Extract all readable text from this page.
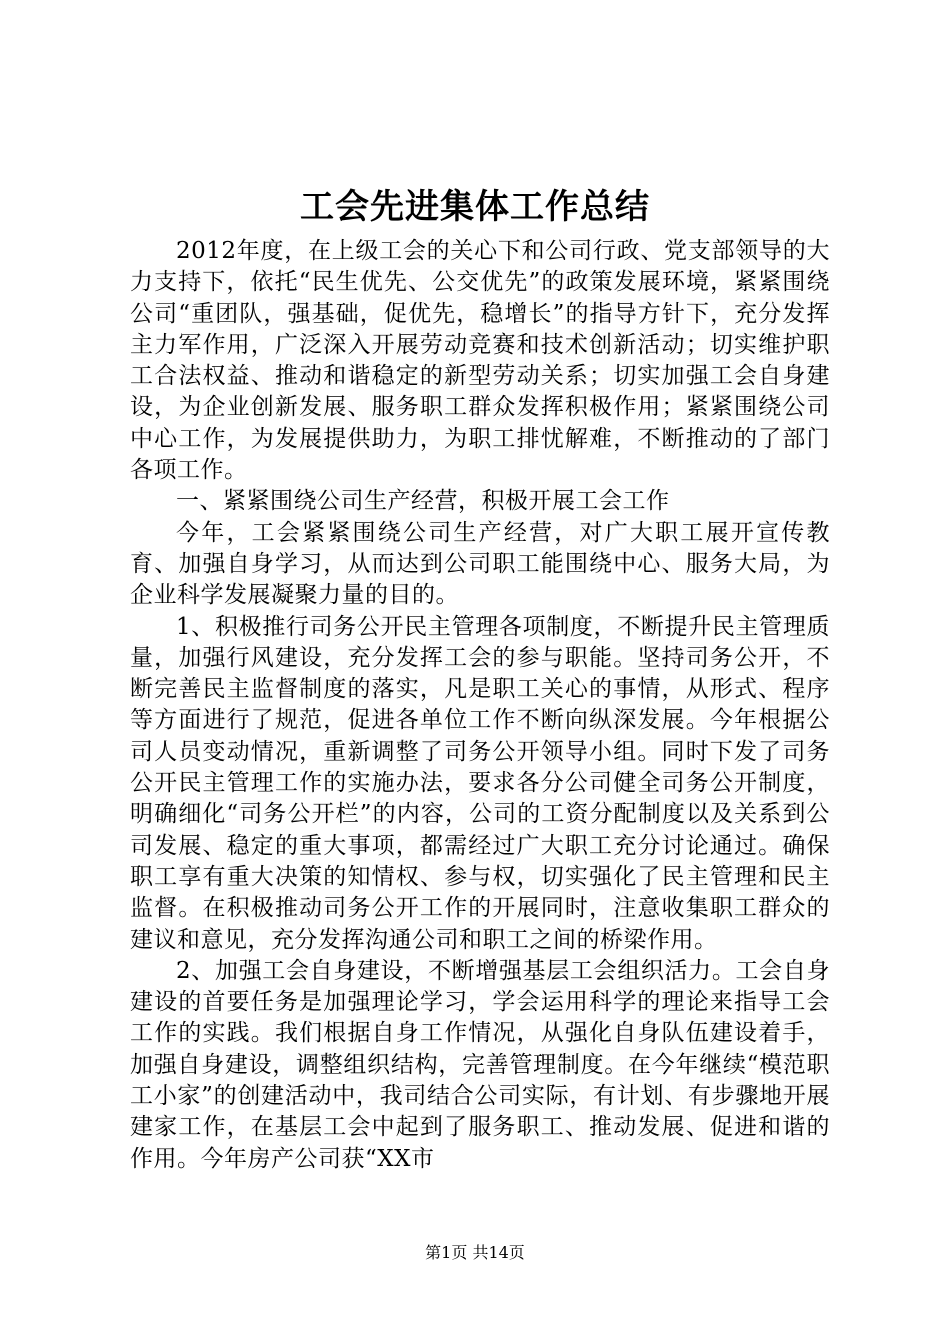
工会先进集体工作总结

2012年度，在上级工会的关心下和公司行政、党支部领导的大力支持下，依托“民生优先、公交优先”的政策发展环境，紧紧围绕公司“重团队，强基础，促优先，稳增长”的指导方针下，充分发挥主力军作用，广泛深入开展劳动竞赛和技术创新活动；切实维护职工合法权益、推动和谐稳定的新型劳动关系；切实加强工会自身建设，为企业创新发展、服务职工群众发挥积极作用；紧紧围绕公司中心工作，为发展提供助力，为职工排忧解难，不断推动的了部门各项工作。

一、紧紧围绕公司生产经营，积极开展工会工作

今年，工会紧紧围绕公司生产经营，对广大职工展开宣传教育、加强自身学习，从而达到公司职工能围绕中心、服务大局，为企业科学发展凝聚力量的目的。

1、积极推行司务公开民主管理各项制度，不断提升民主管理质量，加强行风建设，充分发挥工会的参与职能。坚持司务公开，不断完善民主监督制度的落实，凡是职工关心的事情，从形式、程序等方面进行了规范，促进各单位工作不断向纵深发展。今年根据公司人员变动情况，重新调整了司务公开领导小组。同时下发了司务公开民主管理工作的实施办法，要求各分公司健全司务公开制度，明确细化“司务公开栏”的内容，公司的工资分配制度以及关系到公司发展、稳定的重大事项，都需经过广大职工充分讨论通过。确保职工享有重大决策的知情权、参与权，切实强化了民主管理和民主监督。在积极推动司务公开工作的开展同时，注意收集职工群众的建议和意见，充分发挥沟通公司和职工之间的桥梁作用。

2、加强工会自身建设，不断增强基层工会组织活力。工会自身建设的首要任务是加强理论学习，学会运用科学的理论来指导工会工作的实践。我们根据自身工作情况，从强化自身队伍建设着手，加强自身建设，调整组织结构，完善管理制度。在今年继续“模范职工小家”的创建活动中，我司结合公司实际，有计划、有步骤地开展建家工作，在基层工会中起到了服务职工、推动发展、促进和谐的作用。今年房产公司获“XX市

第1页 共14页
